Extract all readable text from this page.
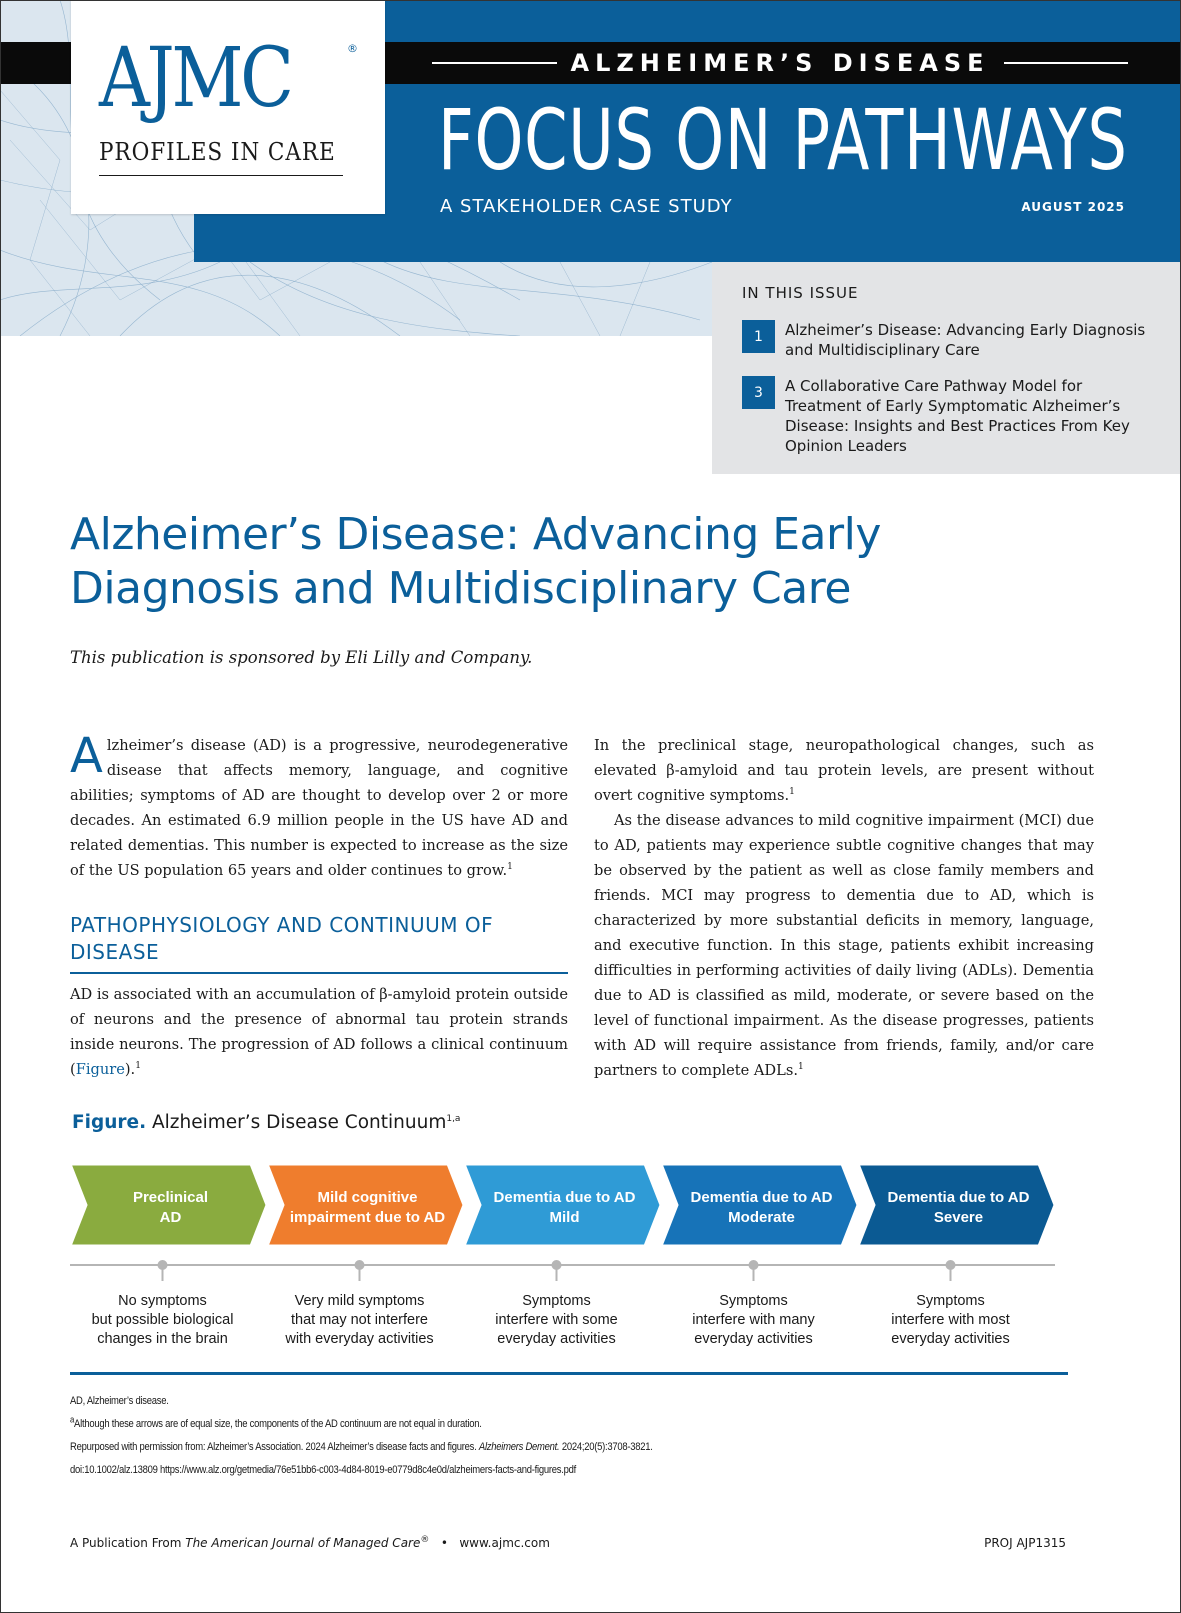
ALZHEIMER’S DISEASE
FOCUS ON PATHWAYS
A STAKEHOLDER CASE STUDY	AUGUST 2025
AJMC	®
PROFILES IN CARE
IN THIS ISSUE
1	Alzheimer’s Disease: Advancing Early Diagnosis and Multidisciplinary Care
3	A Collaborative Care Pathway Model for Treatment of Early Symptomatic Alzheimer’s Disease: Insights and Best Practices From Key Opinion Leaders
Alzheimer’s Disease: Advancing Early Diagnosis and Multidisciplinary Care
This publication is sponsored by Eli Lilly and Company.

Alzheimer’s disease (AD) is a progressive, neurodegenerative disease that affects memory, language, and cognitive abilities; symptoms of AD are thought to develop over 2 or more decades. An estimated 6.9 million people in the US have AD and related dementias. This number is expected to increase as the size of the US population 65 years and older continues to grow.$^1$

PATHOPHYSIOLOGY AND CONTINUUM OF DISEASE

AD is associated with an accumulation of β-amyloid protein outside of neurons and the presence of abnormal tau protein strands inside neurons. The progression of AD follows a clinical continuum (Figure).$^1$

In the preclinical stage, neuropathological changes, such as elevated β-amyloid and tau protein levels, are present without overt cognitive symptoms.$^1$

As the disease advances to mild cognitive impairment (MCI) due to AD, patients may experience subtle cognitive changes that may be observed by the patient as well as close family members and friends. MCI may progress to dementia due to AD, which is characterized by more substantial deficits in memory, language, and executive function. In this stage, patients exhibit increasing difficulties in performing activities of daily living (ADLs). Dementia due to AD is classified as mild, moderate, or severe based on the level of functional impairment. As the disease progresses, patients with AD will require assistance from friends, family, and/or care partners to complete ADLs.$^1$

Figure. Alzheimer’s Disease Continuum$^{1,a}$
Preclinical
AD
No symptoms
but possible biological
changes in the brain
Mild cognitive
impairment due to AD
Very mild symptoms
that may not interfere
with everyday activities
Dementia due to AD
Mild
Symptoms
interfere with some
everyday activities
Dementia due to AD
Moderate
Symptoms
interfere with many
everyday activities
Dementia due to AD
Severe
Symptoms
interfere with most
everyday activities
AD, Alzheimer’s disease.
$^a$Although these arrows are of equal size, the components of the AD continuum are not equal in duration.
Repurposed with permission from: Alzheimer’s Association. 2024 Alzheimer’s disease facts and figures. Alzheimers Dement. 2024;20(5):3708-3821.
doi:10.1002/alz.13809 https://www.alz.org/getmedia/76e51bb6-c003-4d84-8019-e0779d8c4e0d/alzheimers-facts-and-figures.pdf
A Publication From The American Journal of Managed Care® • www.ajmc.com	PROJ AJP1315
